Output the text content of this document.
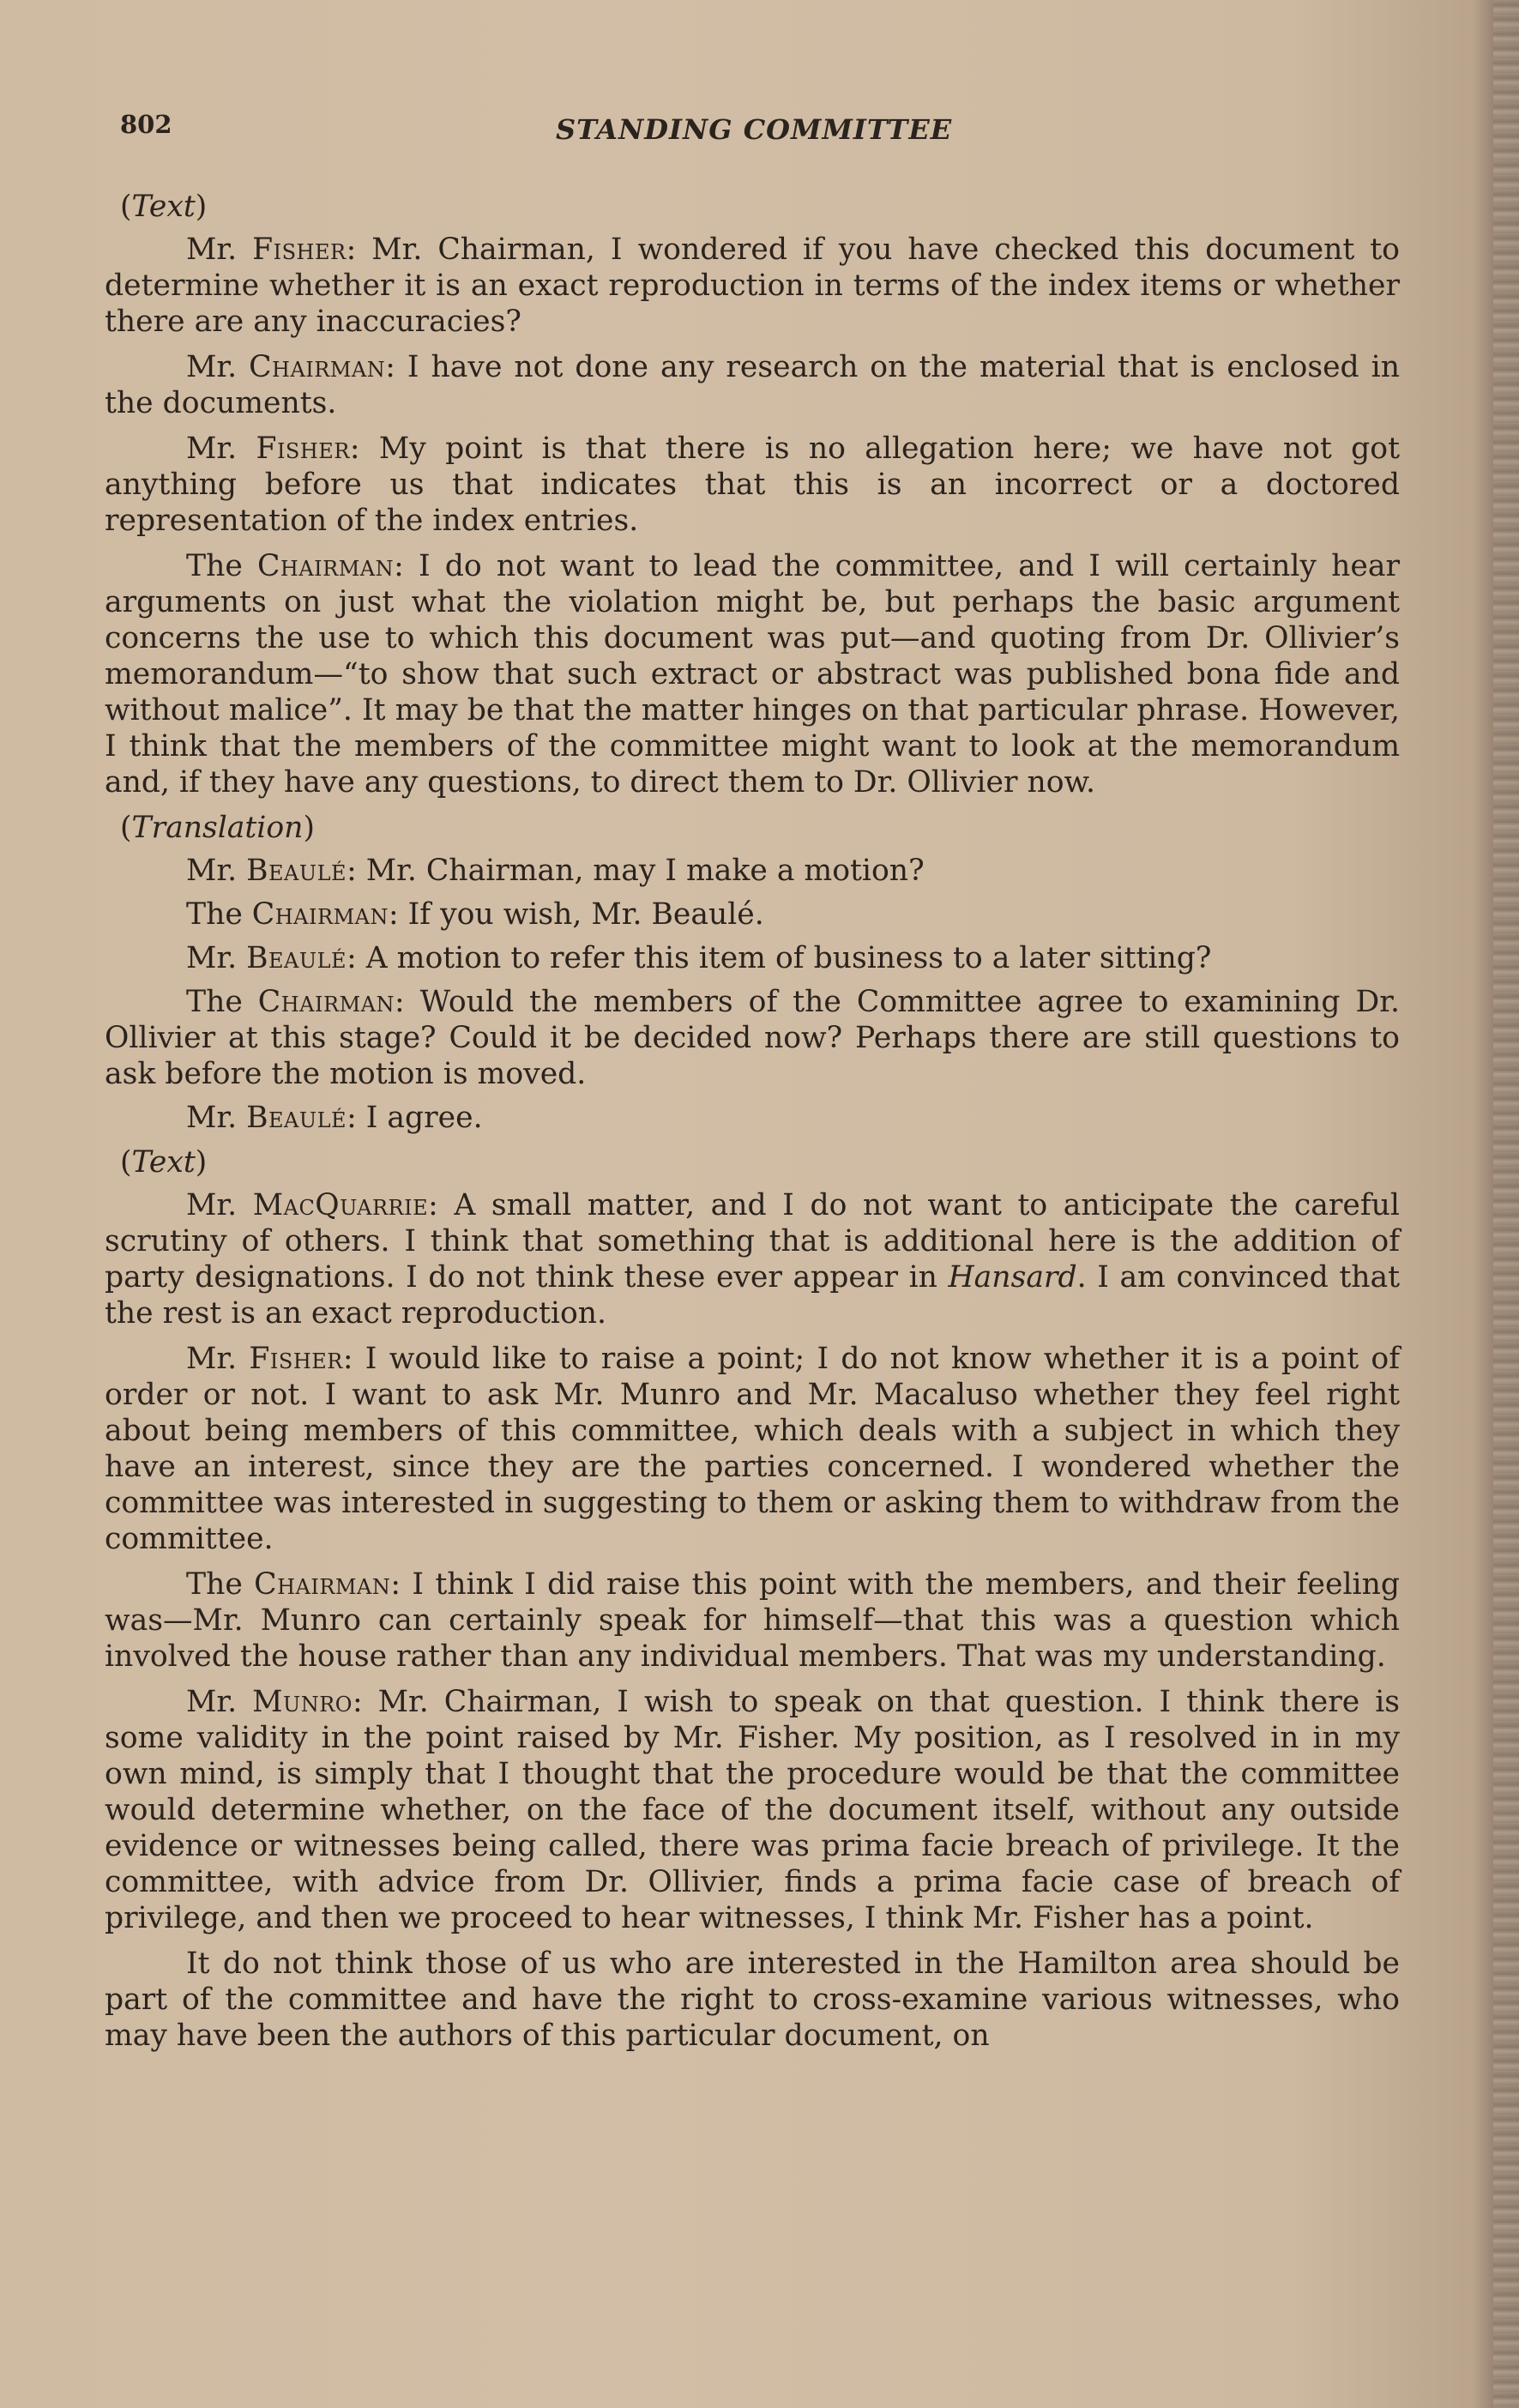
802	STANDING COMMITTEE
(Text)

Mr. Fisher: Mr. Chairman, I wondered if you have checked this document to determine whether it is an exact reproduction in terms of the index items or whether there are any inaccuracies?

Mr. Chairman: I have not done any research on the material that is enclosed in the documents.

Mr. Fisher: My point is that there is no allegation here; we have not got anything before us that indicates that this is an incorrect or a doctored representation of the index entries.

The Chairman: I do not want to lead the committee, and I will certainly hear arguments on just what the violation might be, but perhaps the basic argument concerns the use to which this document was put—and quoting from Dr. Ollivier’s memorandum—“to show that such extract or abstract was published bona fide and without malice”. It may be that the matter hinges on that particular phrase. However, I think that the members of the committee might want to look at the memorandum and, if they have any questions, to direct them to Dr. Ollivier now.

(Translation)

Mr. Beaulé: Mr. Chairman, may I make a motion?

The Chairman: If you wish, Mr. Beaulé.

Mr. Beaulé: A motion to refer this item of business to a later sitting?

The Chairman: Would the members of the Committee agree to examining Dr. Ollivier at this stage? Could it be decided now? Perhaps there are still questions to ask before the motion is moved.

Mr. Beaulé: I agree.

(Text)

Mr. MacQuarrie: A small matter, and I do not want to anticipate the careful scrutiny of others. I think that something that is additional here is the addition of party designations. I do not think these ever appear in Hansard. I am convinced that the rest is an exact reproduction.

Mr. Fisher: I would like to raise a point; I do not know whether it is a point of order or not. I want to ask Mr. Munro and Mr. Macaluso whether they feel right about being members of this committee, which deals with a subject in which they have an interest, since they are the parties concerned. I wondered whether the committee was interested in suggesting to them or asking them to withdraw from the committee.

The Chairman: I think I did raise this point with the members, and their feeling was—Mr. Munro can certainly speak for himself—that this was a question which involved the house rather than any individual members. That was my understanding.

Mr. Munro: Mr. Chairman, I wish to speak on that question. I think there is some validity in the point raised by Mr. Fisher. My position, as I resolved in in my own mind, is simply that I thought that the procedure would be that the committee would determine whether, on the face of the document itself, without any outside evidence or witnesses being called, there was prima facie breach of privilege. It the committee, with advice from Dr. Ollivier, finds a prima facie case of breach of privilege, and then we proceed to hear witnesses, I think Mr. Fisher has a point.

It do not think those of us who are interested in the Hamilton area should be part of the committee and have the right to cross-examine various witnesses, who may have been the authors of this particular document, on
